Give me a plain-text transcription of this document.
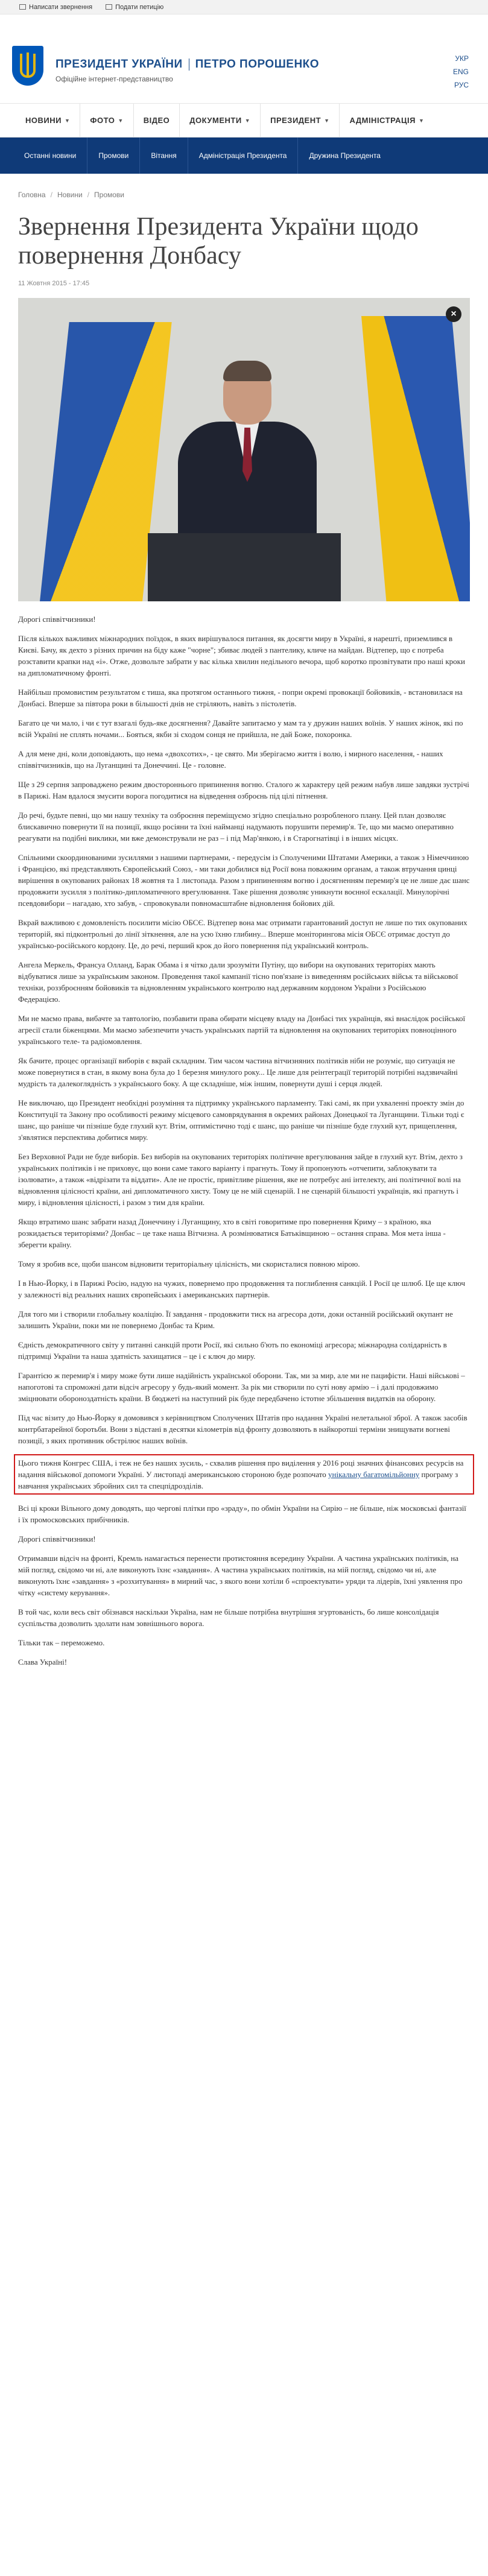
Написати звернення	Подати петицію
ПРЕЗИДЕНТ УКРАЇНИ ПЕТРО ПОРОШЕНКО
Офіційне інтернет-представництво
УКР
ENG
РУС
НОВИНИ ▼	ФОТО ▼	ВІДЕО	ДОКУМЕНТИ ▼	ПРЕЗИДЕНТ ▼	АДМІНІСТРАЦІЯ ▼
Останні новини	Промови	Вітання	Адміністрація Президента	Дружина Президента
Головна / Новини / Промови
Звернення Президента України щодо повернення Донбасу
11 Жовтня 2015 - 17:45
×

Дорогі співвітчизники!

Після кількох важливих міжнародних поїздок, в яких вирішувалося питання, як досягти миру в Україні, я нарешті, приземлився в Києві. Бачу, як дехто з різних причин на біду каже "чорне"; збиває людей з пантелику, кличе на майдан. Відтепер, що є потреба розставити крапки над «і». Отже, дозвольте забрати у вас кілька хвилин недільного вечора, щоб коротко прозвітувати про наші кроки на дипломатичному фронті.

Найбільш промовистим результатом є тиша, яка протягом останнього тижня, - попри окремі провокації бойовиків, - встановилася на Донбасі. Вперше за півтора роки в більшості днів не стріляють, навіть з пістолетів.

Багато це чи мало, і чи є тут взагалі будь-яке досягнення? Давайте запитаємо у мам та у дружин наших воїнів. У наших жінок, які по всій Україні не сплять ночами... Бояться, якби зі сходом сонця не прийшла, не дай Боже, похоронка.

А для мене дні, коли доповідають, що нема «двохсотих», - це свято. Ми зберігаємо життя і волю, і мирного населення, - наших співвітчизників, що на Луганщині та Донеччині. Це - головне.

Ще з 29 серпня запроваджено режим двостороннього припинення вогню. Сталого ж характеру цей режим набув лише завдяки зустрічі в Парижі. Нам вдалося змусити ворога погодитися на відведення озброєнь під цілі пітнення.

До речі, будьте певні, що ми нашу техніку та озброєння переміщуємо згідно спеціально розробленого плану. Цей план дозволяє блискавично повернути її на позиції, якщо росіяни та їхні найманці надумають порушити перемир'я. Те, що ми маємо оперативно реагувати на подібні виклики, ми вже демонстрували не раз – і під Мар'янкою, і в Старогнатівці і в інших місцях.

Спільними скоординованими зусиллями з нашими партнерами, - передусім із Сполученими Штатами Америки, а також з Німеччиною і Францією, які представляють Європейський Союз, - ми таки добилися від Росії вона поважним органам, а також втручання цинці вирішення в окупованих районах 18 жовтня та 1 листопада. Разом з припиненням вогню і досягненням перемир'я це не лише дає шанс продовжити зусилля з політико-дипломатичного врегулювання. Таке рішення дозволяє уникнути воєнної ескалації. Минулорічні псевдовибори – нагадаю, хто забув, - спровокували повномасштабне відновлення бойових дій.

Вкрай важливою є домовленість посилити місію ОБСЄ. Відтепер вона має отримати гарантований доступ не лише по тих окупованих територій, які підконтрольні до лінії зіткнення, але на усю їхню глибину... Вперше моніторингова місія ОБСЄ отримає доступ до українсько-російського кордону. Це, до речі, перший крок до його повернення під український контроль.

Ангела Меркель, Франсуа Олланд, Барак Обама і я чітко дали зрозуміти Путіну, що вибори на окупованих територіях мають відбуватися лише за українським законом. Проведення такої кампанії тісно пов'язане із виведенням російських військ та військової техніки, роззброєнням бойовиків та відновленням українського контролю над державним кордоном України з Російською Федерацією.

Ми не маємо права, вибачте за тавтологію, позбавити права обирати місцеву владу на Донбасі тих українців, які внаслідок російської агресії стали біженцями. Ми маємо забезпечити участь українських партій та відновлення на окупованих територіях повноцінного українського теле- та радіомовлення.

Як бачите, процес організації виборів є вкрай складним. Тим часом частина вітчизняних політиків ніби не розуміє, що ситуація не може повернутися в стан, в якому вона була до 1 березня минулого року... Це лише для реінтеграції територій потрібні надзвичайні мудрість та далекоглядність з українського боку. А ще складніше, між іншим, повернути душі і серця людей.

Не виключаю, що Президент необхідні розуміння та підтримку українського парламенту. Такі самі, як при ухваленні проекту змін до Конституції та Закону про особливості режиму місцевого самоврядування в окремих районах Донецької та Луганщини. Тільки тоді є шанс, що раніше чи пізніше буде глухий кут. Втім, оптимістично тоді є шанс, що раніше чи пізніше буде глухий кут, прищеплення, з'являтися перспектива добитися миру.

Без Верховної Ради не буде виборів. Без виборів на окупованих територіях політичне врегулювання зайде в глухий кут. Втім, дехто з українських політиків і не приховує, що вони саме такого варіанту і прагнуть. Тому й пропонують «отчепити, заблокувати та ізолювати», а також «відрізати та віддати». Але не простіє, привітливе рішення, яке не потребує ані інтелекту, ані політичної волі на відновлення цілісності країни, ані дипломатичного хисту. Тому це не мій сценарій. І не сценарій більшості українців, які прагнуть і миру, і відновлення цілісності, і разом з тим для країни.

Якщо втратимо шанс забрати назад Донеччину і Луганщину, хто в світі говоритиме про повернення Криму – з країною, яка розкидається територіями? Донбас – це таке наша Вітчизна. А розмінюватися Батьківщиною – остання справа. Моя мета інша - зберегти країну.

Тому я зробив все, щоби шансом відновити територіальну цілісність, ми скористалися повною мірою.

І в Нью-Йорку, і в Парижі Росію, надую на чужих, повернемо про продовження та поглиблення санкцій. І Росії це шлюб. Це ще ключ у залежності від реальних наших європейських і американських партнерів.

Для того ми і створили глобальну коаліцію. Її завдання - продовжити тиск на агресора доти, доки останній російський окупант не залишить України, поки ми не повернемо Донбас та Крим.

Єдність демократичного світу у питанні санкцій проти Росії, які сильно б'ють по економіці агресора; міжнародна солідарність в підтримці України та наша здатність захищатися – це і є ключ до миру.

Гарантією ж перемир'я і миру може бути лише надійність української оборони. Так, ми за мир, але ми не пацифісти. Наші військові – напоготові та спроможні дати відсіч агресору у будь-який момент. За рік ми створили по суті нову армію – і далі продовжимо зміцнювати обороноздатність країни. В бюджеті на наступний рік буде передбачено істотне збільшення видатків на оборону.

Під час візиту до Нью-Йорку я домовився з керівництвом Сполучених Штатів про надання Україні нелетальної зброї. А також засобів контрбатарейної боротьби. Вони з відстані в десятки кілометрів від фронту дозволяють в найкоротші терміни знищувати вогневі позиції, з яких противник обстрілює наших воїнів.

Цього тижня Конгрес США, і теж не без наших зусиль, - схвалив рішення про виділення у 2016 році значних фінансових ресурсів на надання військової допомоги Україні. У листопаді американською стороною буде розпочато унікальну багатомільйонну програму з навчання українських збройних сил та спецпідрозділів.

Всі ці кроки Вільного дому доводять, що чергові плітки про «зраду», по обмін України на Сирію – не більше, ніж московські фантазії і їх промосковських прибічників.

Дорогі співвітчизники!

Отримавши відсіч на фронті, Кремль намагається перенести протистояння всередину України. А частина українських політиків, на мій погляд, свідомо чи ні, але виконують їхнє «завдання». А частина українських політиків, на мій погляд, свідомо чи ні, але виконують їхнє «завдання» з «розхитування» в мирний час, з якого вони хотіли б «спроектувати» уряди та лідерів, їхні уявлення про чітку «систему керування».

В той час, коли весь світ обізнався наскільки Україна, нам не більше потрібна внутрішня згуртованість, бо лише консолідація суспільства дозволить здолати нам зовнішнього ворога.

Тільки так – переможемо.

Слава Україні!
